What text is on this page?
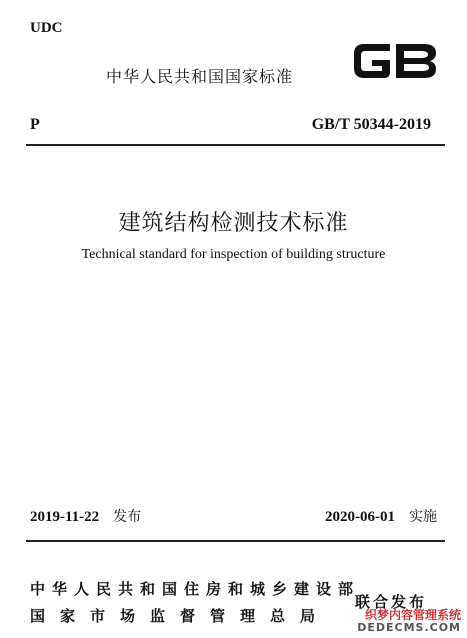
UDC
中华人民共和国国家标准
P	GB/T 50344-2019
建筑结构检测技术标准
Technical standard for inspection of building structure
2019-11-22 发布	2020-06-01 实施
中华人民共和国住房和城乡建设部
国家市场监督管理总局
联合发布
织梦内容管理系统
DEDECMS.COM
